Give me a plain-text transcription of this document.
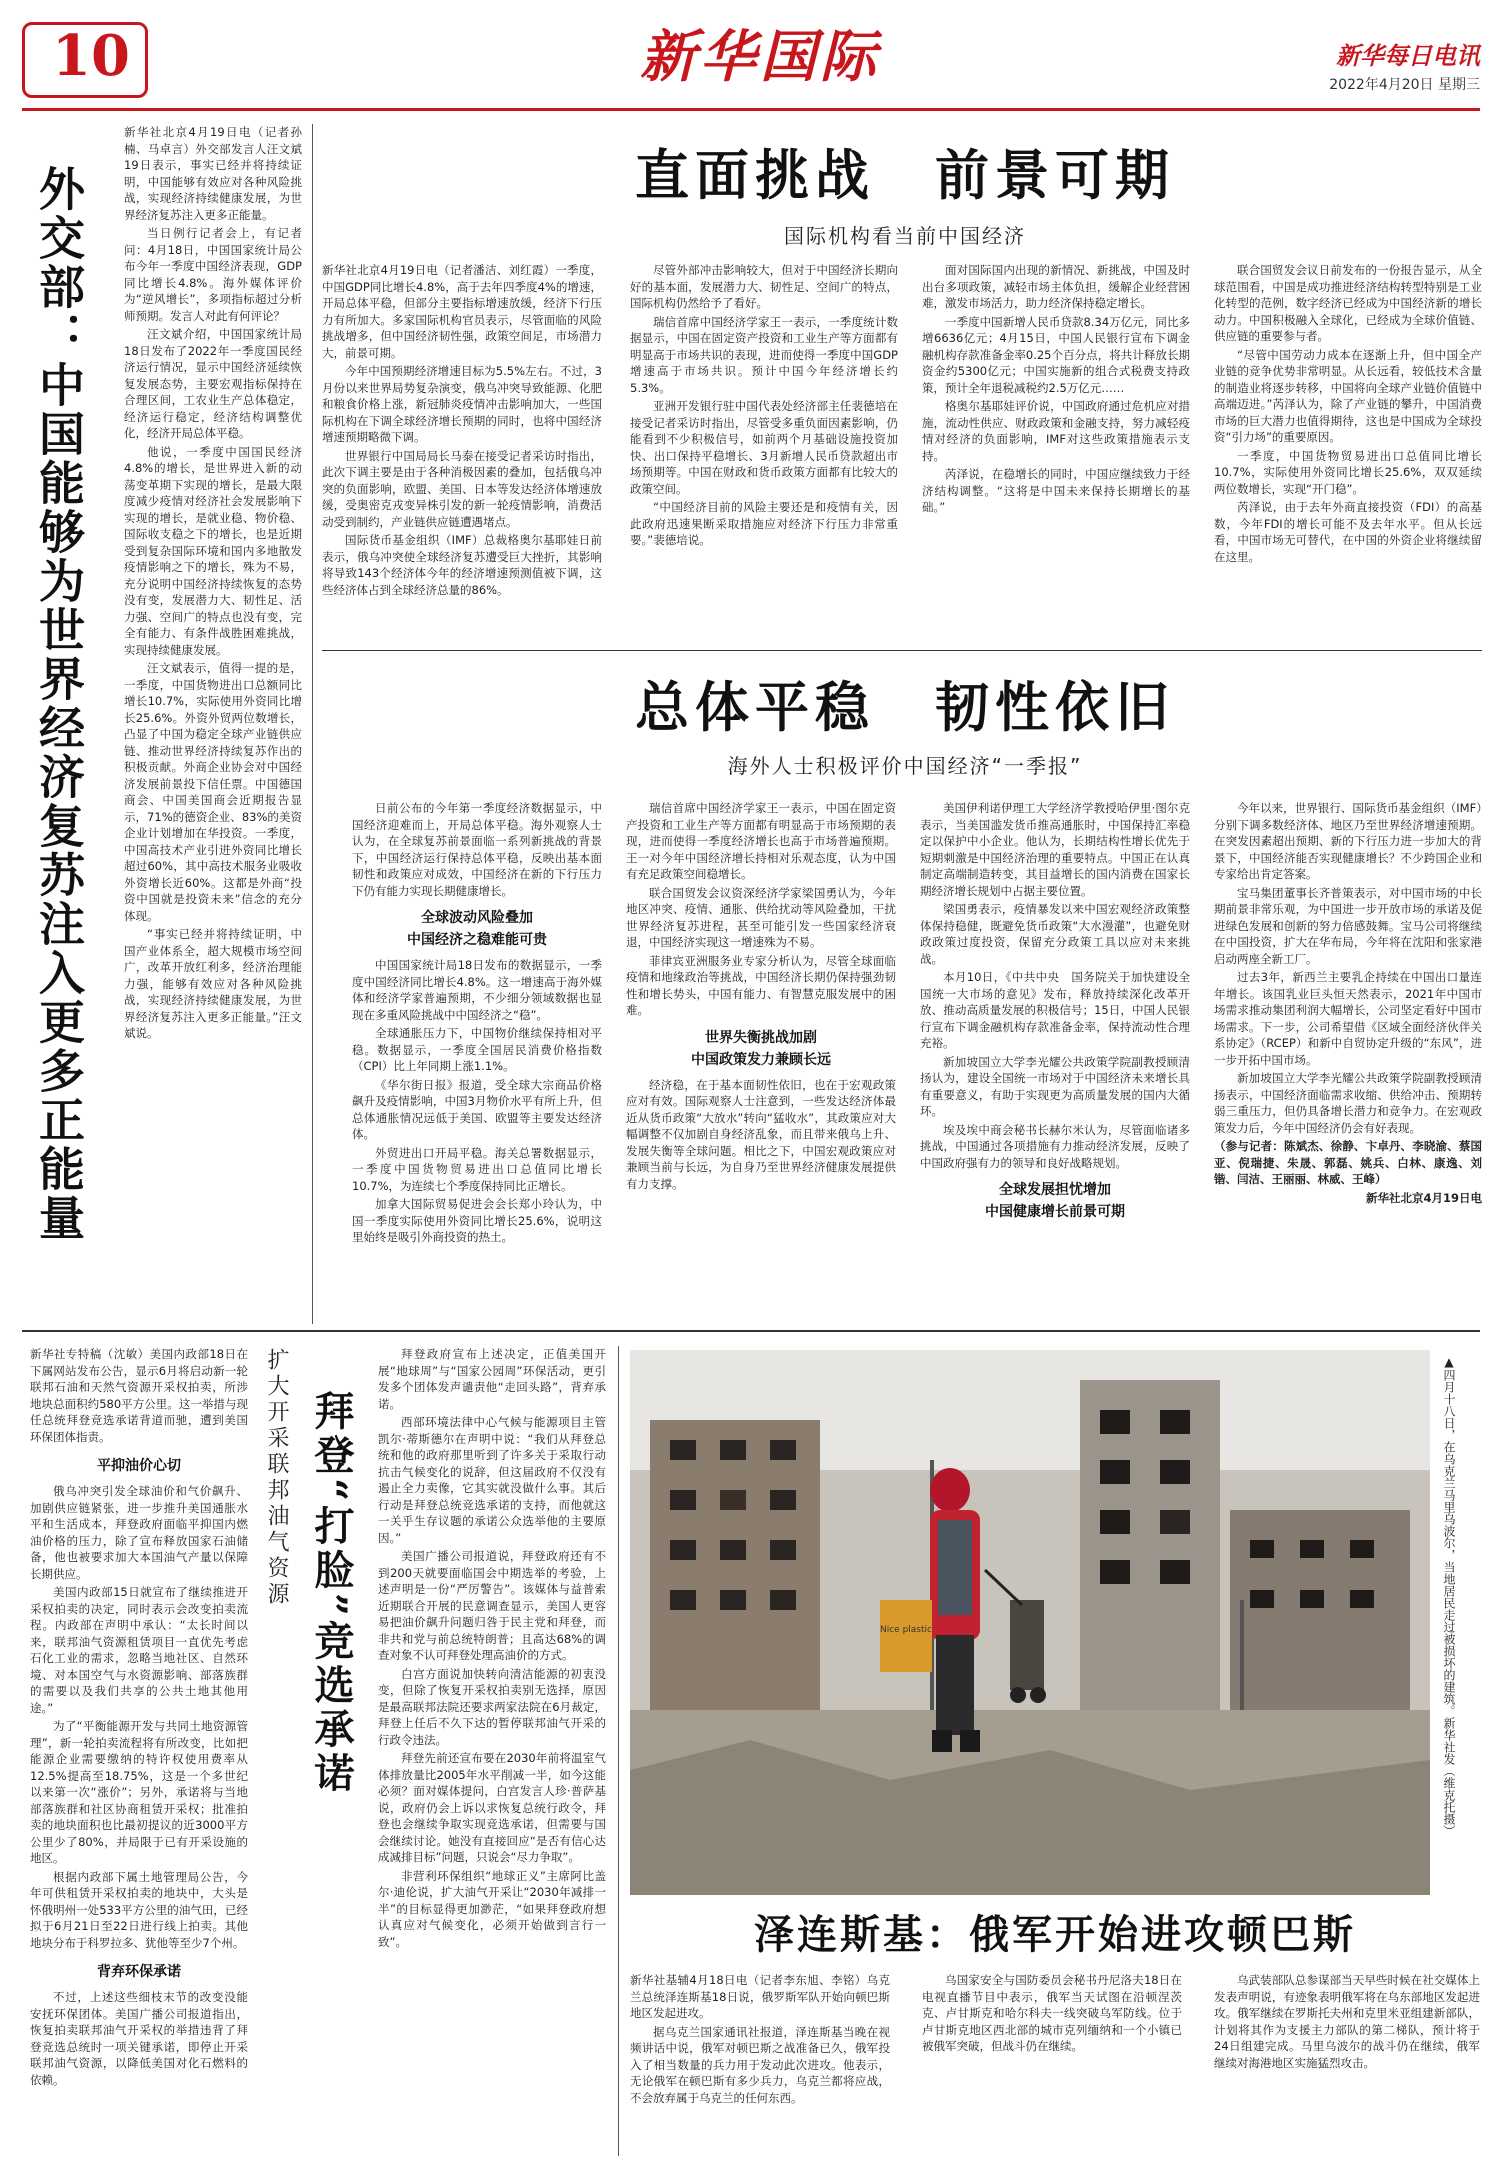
10	新华国际	新华每日电讯
2022年4月20日 星期三
外交部：中国能够为世界经济复苏注入更多正能量

新华社北京4月19日电（记者孙楠、马卓言）外交部发言人汪文斌19日表示，事实已经并将持续证明，中国能够有效应对各种风险挑战，实现经济持续健康发展，为世界经济复苏注入更多正能量。

当日例行记者会上，有记者问：4月18日，中国国家统计局公布今年一季度中国经济表现，GDP同比增长4.8%。海外媒体评价为“逆风增长”，多项指标超过分析师预期。发言人对此有何评论？

汪文斌介绍，中国国家统计局18日发布了2022年一季度国民经济运行情况，显示中国经济延续恢复发展态势，主要宏观指标保持在合理区间，工农业生产总体稳定，经济运行稳定，经济结构调整优化，经济开局总体平稳。

他说，一季度中国国民经济4.8%的增长，是世界进入新的动荡变革期下实现的增长，是最大限度减少疫情对经济社会发展影响下实现的增长，是就业稳、物价稳、国际收支稳之下的增长，也是近期受到复杂国际环境和国内多地散发疫情影响之下的增长，殊为不易，充分说明中国经济持续恢复的态势没有变，发展潜力大、韧性足、活力强、空间广的特点也没有变，完全有能力、有条件战胜困难挑战，实现持续健康发展。

汪文斌表示，值得一提的是，一季度，中国货物进出口总额同比增长10.7%，实际使用外资同比增长25.6%。外资外贸两位数增长，凸显了中国为稳定全球产业链供应链、推动世界经济持续复苏作出的积极贡献。外商企业协会对中国经济发展前景投下信任票。中国德国商会、中国美国商会近期报告显示，71%的德资企业、83%的美资企业计划增加在华投资。一季度，中国高技术产业引进外资同比增长超过60%，其中高技术服务业吸收外资增长近60%。这都是外商“投资中国就是投资未来”信念的充分体现。

“事实已经并将持续证明，中国产业体系全，超大规模市场空间广，改革开放红利多，经济治理能力强，能够有效应对各种风险挑战，实现经济持续健康发展，为世界经济复苏注入更多正能量。”汪文斌说。

直面挑战　前景可期
国际机构看当前中国经济

新华社北京4月19日电（记者潘洁、刘红霞）一季度，中国GDP同比增长4.8%，高于去年四季度4%的增速，开局总体平稳，但部分主要指标增速放缓，经济下行压力有所加大。多家国际机构官员表示，尽管面临的风险挑战增多，但中国经济韧性强，政策空间足，市场潜力大，前景可期。

今年中国预期经济增速目标为5.5%左右。不过，3月份以来世界局势复杂演变，俄乌冲突导致能源、化肥和粮食价格上涨，新冠肺炎疫情冲击影响加大，一些国际机构在下调全球经济增长预期的同时，也将中国经济增速预期略微下调。

世界银行中国局局长马泰在接受记者采访时指出，此次下调主要是由于各种消极因素的叠加，包括俄乌冲突的负面影响，欧盟、美国、日本等发达经济体增速放缓，受奥密克戎变异株引发的新一轮疫情影响，消费活动受到制约，产业链供应链遭遇堵点。

国际货币基金组织（IMF）总裁格奥尔基耶娃日前表示，俄乌冲突使全球经济复苏遭受巨大挫折，其影响将导致143个经济体今年的经济增速预测值被下调，这些经济体占到全球经济总量的86%。

尽管外部冲击影响较大，但对于中国经济长期向好的基本面，发展潜力大、韧性足、空间广的特点，国际机构仍然给予了看好。

瑞信首席中国经济学家王一表示，一季度统计数据显示，中国在固定资产投资和工业生产等方面都有明显高于市场共识的表现，进而使得一季度中国GDP增速高于市场共识。预计中国今年经济增长约5.3%。

亚洲开发银行驻中国代表处经济部主任裴德培在接受记者采访时指出，尽管受多重负面因素影响，仍能看到不少积极信号，如前两个月基础设施投资加快、出口保持平稳增长、3月新增人民币贷款超出市场预期等。中国在财政和货币政策方面都有比较大的政策空间。

“中国经济目前的风险主要还是和疫情有关，因此政府迅速果断采取措施应对经济下行压力非常重要。”裴德培说。

面对国际国内出现的新情况、新挑战，中国及时出台多项政策，减轻市场主体负担，缓解企业经营困难，激发市场活力，助力经济保持稳定增长。

一季度中国新增人民币贷款8.34万亿元，同比多增6636亿元；4月15日，中国人民银行宣布下调金融机构存款准备金率0.25个百分点，将共计释放长期资金约5300亿元；中国实施新的组合式税费支持政策，预计全年退税减税约2.5万亿元……

格奥尔基耶娃评价说，中国政府通过危机应对措施，流动性供应、财政政策和金融支持，努力减轻疫情对经济的负面影响，IMF对这些政策措施表示支持。

芮泽说，在稳增长的同时，中国应继续致力于经济结构调整。“这将是中国未来保持长期增长的基础。”

联合国贸发会议日前发布的一份报告显示，从全球范围看，中国是成功推进经济结构转型特别是工业化转型的范例，数字经济已经成为中国经济新的增长动力。中国积极融入全球化，已经成为全球价值链、供应链的重要参与者。

“尽管中国劳动力成本在逐渐上升，但中国全产业链的竞争优势非常明显。从长远看，较低技术含量的制造业将逐步转移，中国将向全球产业链价值链中高端迈进。”芮泽认为，除了产业链的攀升，中国消费市场的巨大潜力也值得期待，这也是中国成为全球投资“引力场”的重要原因。

一季度，中国货物贸易进出口总值同比增长10.7%，实际使用外资同比增长25.6%，双双延续两位数增长，实现“开门稳”。

芮泽说，由于去年外商直接投资（FDI）的高基数，今年FDI的增长可能不及去年水平。但从长远看，中国市场无可替代，在中国的外资企业将继续留在这里。

总体平稳　韧性依旧
海外人士积极评价中国经济“一季报”

日前公布的今年第一季度经济数据显示，中国经济迎难而上，开局总体平稳。海外观察人士认为，在全球复苏前景面临一系列新挑战的背景下，中国经济运行保持总体平稳，反映出基本面韧性和政策应对成效，中国经济在新的下行压力下仍有能力实现长期健康增长。

全球波动风险叠加
中国经济之稳难能可贵

中国国家统计局18日发布的数据显示，一季度中国经济同比增长4.8%。这一增速高于海外媒体和经济学家普遍预期，不少细分领域数据也显现在多重风险挑战中中国经济之“稳”。

全球通胀压力下，中国物价继续保持相对平稳。数据显示，一季度全国居民消费价格指数（CPI）比上年同期上涨1.1%。

《华尔街日报》报道，受全球大宗商品价格飙升及疫情影响，中国3月物价水平有所上升，但总体通胀情况远低于美国、欧盟等主要发达经济体。

外贸进出口开局平稳。海关总署数据显示，一季度中国货物贸易进出口总值同比增长10.7%，为连续七个季度保持同比正增长。

加拿大国际贸易促进会会长郑小玲认为，中国一季度实际使用外资同比增长25.6%，说明这里始终是吸引外商投资的热土。

瑞信首席中国经济学家王一表示，中国在固定资产投资和工业生产等方面都有明显高于市场预期的表现，进而使得一季度经济增长也高于市场普遍预期。王一对今年中国经济增长持相对乐观态度，认为中国有充足政策空间稳增长。

联合国贸发会议资深经济学家梁国勇认为，今年地区冲突、疫情、通胀、供给扰动等风险叠加，干扰世界经济复苏进程，甚至可能引发一些国家经济衰退，中国经济实现这一增速殊为不易。

菲律宾亚洲服务业专家分析认为，尽管全球面临疫情和地缘政治等挑战，中国经济长期仍保持强劲韧性和增长势头，中国有能力、有智慧克服发展中的困难。

世界失衡挑战加剧
中国政策发力兼顾长远

经济稳，在于基本面韧性依旧，也在于宏观政策应对有效。国际观察人士注意到，一些发达经济体最近从货币政策“大放水”转向“猛收水”，其政策应对大幅调整不仅加剧自身经济乱象，而且带来俄乌上升、发展失衡等全球问题。相比之下，中国宏观政策应对兼顾当前与长远，为自身乃至世界经济健康发展提供有力支撑。

美国伊利诺伊理工大学经济学教授哈伊里·图尔克表示，当美国滥发货币推高通胀时，中国保持汇率稳定以保护中小企业。他认为，长期结构性增长优先于短期刺激是中国经济治理的重要特点。中国正在认真制定高端制造转变，其目益增长的国内消费在国家长期经济增长规划中占据主要位置。

梁国勇表示，疫情暴发以来中国宏观经济政策整体保持稳健，既避免货币政策“大水漫灌”，也避免财政政策过度投资，保留充分政策工具以应对未来挑战。

本月10日，《中共中央　国务院关于加快建设全国统一大市场的意见》发布，释放持续深化改革开放、推动高质量发展的积极信号；15日，中国人民银行宣布下调金融机构存款准备金率，保持流动性合理充裕。

新加坡国立大学李光耀公共政策学院副教授顾清扬认为，建设全国统一市场对于中国经济未来增长具有重要意义，有助于实现更为高质量发展的国内大循环。

埃及埃中商会秘书长赫尔米认为，尽管面临诸多挑战，中国通过各项措施有力推动经济发展，反映了中国政府强有力的领导和良好战略规划。

全球发展担忧增加
中国健康增长前景可期

今年以来，世界银行、国际货币基金组织（IMF）分别下调多数经济体、地区乃至世界经济增速预期。在突发因素超出预期、新的下行压力进一步加大的背景下，中国经济能否实现健康增长？不少跨国企业和专家给出肯定答案。

宝马集团董事长齐普策表示，对中国市场的中长期前景非常乐观，为中国进一步开放市场的承诺及促进绿色发展和创新的努力倍感鼓舞。宝马公司将继续在中国投资，扩大在华布局，今年将在沈阳和张家港启动两座全新工厂。

过去3年，新西兰主要乳企持续在中国出口量连年增长。该国乳业巨头恒天然表示，2021年中国市场需求推动集团利润大幅增长，公司坚定看好中国市场需求。下一步，公司希望借《区域全面经济伙伴关系协定》（RCEP）和新中自贸协定升级的“东风”，进一步开拓中国市场。

新加坡国立大学李光耀公共政策学院副教授顾清扬表示，中国经济面临需求收缩、供给冲击、预期转弱三重压力，但仍具备增长潜力和竞争力。在宏观政策发力后，今年中国经济仍会有好表现。

（参与记者：陈斌杰、徐静、卞卓丹、李晓渝、蔡国亚、倪瑞捷、朱晟、郭磊、姚兵、白林、康逸、刘锴、闫洁、王丽丽、林威、王峰）

新华社北京4月19日电

新华社专特稿（沈敏）美国内政部18日在下属网站发布公告，显示6月将启动新一轮联邦石油和天然气资源开采权拍卖，所涉地块总面积约580平方公里。这一举措与现任总统拜登竞选承诺背道而驰，遭到美国环保团体指责。

平抑油价心切

俄乌冲突引发全球油价和气价飙升、加剧供应链紧张，进一步推升美国通胀水平和生活成本，拜登政府面临平抑国内燃油价格的压力，除了宣布释放国家石油储备，他也被要求加大本国油气产量以保障长期供应。

美国内政部15日就宣布了继续推进开采权拍卖的决定，同时表示会改变拍卖流程。内政部在声明中承认：“太长时间以来，联邦油气资源租赁项目一直优先考虑石化工业的需求，忽略当地社区、自然环境、对本国空气与水资源影响、部落族群的需要以及我们共享的公共土地其他用途。”

为了“平衡能源开发与共同土地资源管理”，新一轮拍卖流程将有所改变，比如把能源企业需要缴纳的特许权使用费率从12.5%提高至18.75%，这是一个多世纪以来第一次“涨价”；另外，承诺将与当地部落族群和社区协商租赁开采权；批准拍卖的地块面积也比最初提议的近3000平方公里少了80%，并局限于已有开采设施的地区。

根据内政部下属土地管理局公告，今年可供租赁开采权拍卖的地块中，大头是怀俄明州一处533平方公里的油气田，已经拟于6月21日至22日进行线上拍卖。其他地块分布于科罗拉多、犹他等至少7个州。

背弃环保承诺

不过，上述这些细枝末节的改变没能安抚环保团体。美国广播公司报道指出，恢复拍卖联邦油气开采权的举措违背了拜登竞选总统时一项关键承诺，即停止开采联邦油气资源，以降低美国对化石燃料的依赖。

扩大开采联邦油气资源 拜登“打脸”竞选承诺

拜登政府宣布上述决定，正值美国开展“地球周”与“国家公园周”环保活动，更引发多个团体发声谴责他“走回头路”，背弃承诺。

西部环境法律中心气候与能源项目主管凯尔·蒂斯德尔在声明中说：“我们从拜登总统和他的政府那里听到了许多关于采取行动抗击气候变化的说辞，但这届政府不仅没有遏止全力卖像，它其实就没做什么事。其后行动是拜登总统竞选承诺的支持，而他就这一关乎生存议题的承诺公众选举他的主要原因。”

美国广播公司报道说，拜登政府还有不到200天就要面临国会中期选举的考验，上述声明是一份“严厉警告”。该媒体与益普索近期联合开展的民意调查显示，美国人更容易把油价飙升问题归咎于民主党和拜登，而非共和党与前总统特朗普；且高达68%的调查对象不认可拜登处理高油价的方式。

白宫方面说加快转向清洁能源的初衷没变，但除了恢复开采权拍卖别无选择，原因是最高联邦法院还要求两家法院在6月裁定，拜登上任后不久下达的暂停联邦油气开采的行政令违法。

拜登先前还宣布要在2030年前将温室气体排放量比2005年水平削减一半，如今这能必须？面对媒体提问，白宫发言人珍·普萨基说，政府仍会上诉以求恢复总统行政令，拜登也会继续争取实现竞选承诺，但需要与国会继续讨论。她没有直接回应“是否有信心达成减排目标”问题，只说会“尽力争取”。

非营利环保组织“地球正义”主席阿比盖尔·迪伦说，扩大油气开采让“2030年减排一半”的目标显得更加渺茫，“如果拜登政府想认真应对气候变化，必须开始做到言行一致”。

Nice plastic	▲四月十八日，在乌克兰马里乌波尔，当地居民走过被损坏的建筑。新华社发（维克托摄）
泽连斯基：俄军开始进攻顿巴斯

新华社基辅4月18日电（记者李东旭、李铭）乌克兰总统泽连斯基18日说，俄罗斯军队开始向顿巴斯地区发起进攻。

据乌克兰国家通讯社报道，泽连斯基当晚在视频讲话中说，俄军对顿巴斯之战准备已久，俄军投入了相当数量的兵力用于发动此次进攻。他表示，无论俄军在顿巴斯有多少兵力，乌克兰都将应战，不会放弃属于乌克兰的任何东西。

乌国家安全与国防委员会秘书丹尼洛夫18日在电视直播节目中表示，俄军当天试图在沿顿涅茨克、卢甘斯克和哈尔科夫一线突破乌军防线。位于卢甘斯克地区西北部的城市克列缅纳和一个小镇已被俄军突破，但战斗仍在继续。

乌武装部队总参谋部当天早些时候在社交媒体上发表声明说，有迹象表明俄军将在乌东部地区发起进攻。俄军继续在罗斯托夫州和克里米亚组建新部队，计划将其作为支援主力部队的第二梯队，预计将于24日组建完成。马里乌波尔的战斗仍在继续，俄军继续对海港地区实施猛烈攻击。
